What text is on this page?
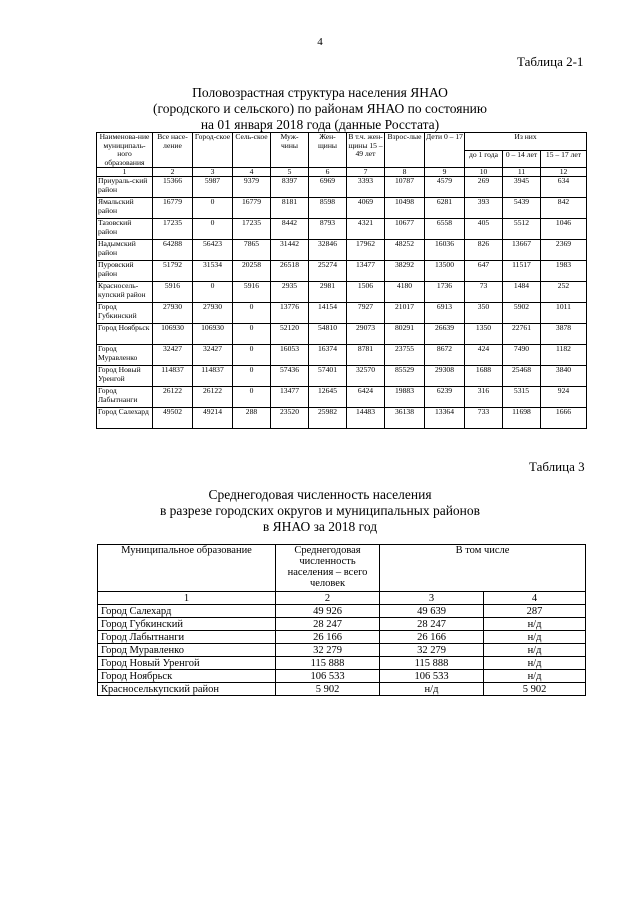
4
Таблица 2-1
Половозрастная структура населения ЯНАО
(городского и сельского) по районам ЯНАО по состоянию
на 01 января 2018 года (данные Росстата)
Наименова-ние муниципаль-ного образования	Все насе-ление	Город-ское	Сель-ское	Муж-чины	Жен-щины	В т.ч. жен-щины 15 – 49 лет	Взрос-лые	Дети 0 – 17	Из них		
									до 1 года	0 – 14 лет	15 – 17 лет
1	2	3	4	5	6	7	8	9	10	11	12
Приураль-ский район	15366	5987	9379	8397	6969	3393	10787	4579	269	3945	634
Ямальский район	16779	0	16779	8181	8598	4069	10498	6281	393	5439	842
Тазовский район	17235	0	17235	8442	8793	4321	10677	6558	405	5512	1046
Надымский район	64288	56423	7865	31442	32846	17962	48252	16036	826	13667	2369
Пуровский район	51792	31534	20258	26518	25274	13477	38292	13500	647	11517	1983
Красносель-купский район	5916	0	5916	2935	2981	1506	4180	1736	73	1484	252
Город Губкинский	27930	27930	0	13776	14154	7927	21017	6913	350	5902	1011
Город Ноябрьск	106930	106930	0	52120	54810	29073	80291	26639	1350	22761	3878
Город Муравленко	32427	32427	0	16053	16374	8781	23755	8672	424	7490	1182
Город Новый Уренгой	114837	114837	0	57436	57401	32570	85529	29308	1688	25468	3840
Город Лабытнанги	26122	26122	0	13477	12645	6424	19883	6239	316	5315	924
Город Салехард	49502	49214	288	23520	25982	14483	36138	13364	733	11698	1666
Таблица 3
Среднегодовая численность населения
в разрезе городских округов и муниципальных районов
в ЯНАО за 2018 год
Муниципальное образование	Среднегодовая численность населения – всего человек	В том числе	
1	2	3	4
Город Салехард	49 926	49 639	287
Город Губкинский	28 247	28 247	н/д
Город Лабытнанги	26 166	26 166	н/д
Город Муравленко	32 279	32 279	н/д
Город Новый Уренгой	115 888	115 888	н/д
Город Ноябрьск	106 533	106 533	н/д
Красноселькупский район	5 902	н/д	5 902
